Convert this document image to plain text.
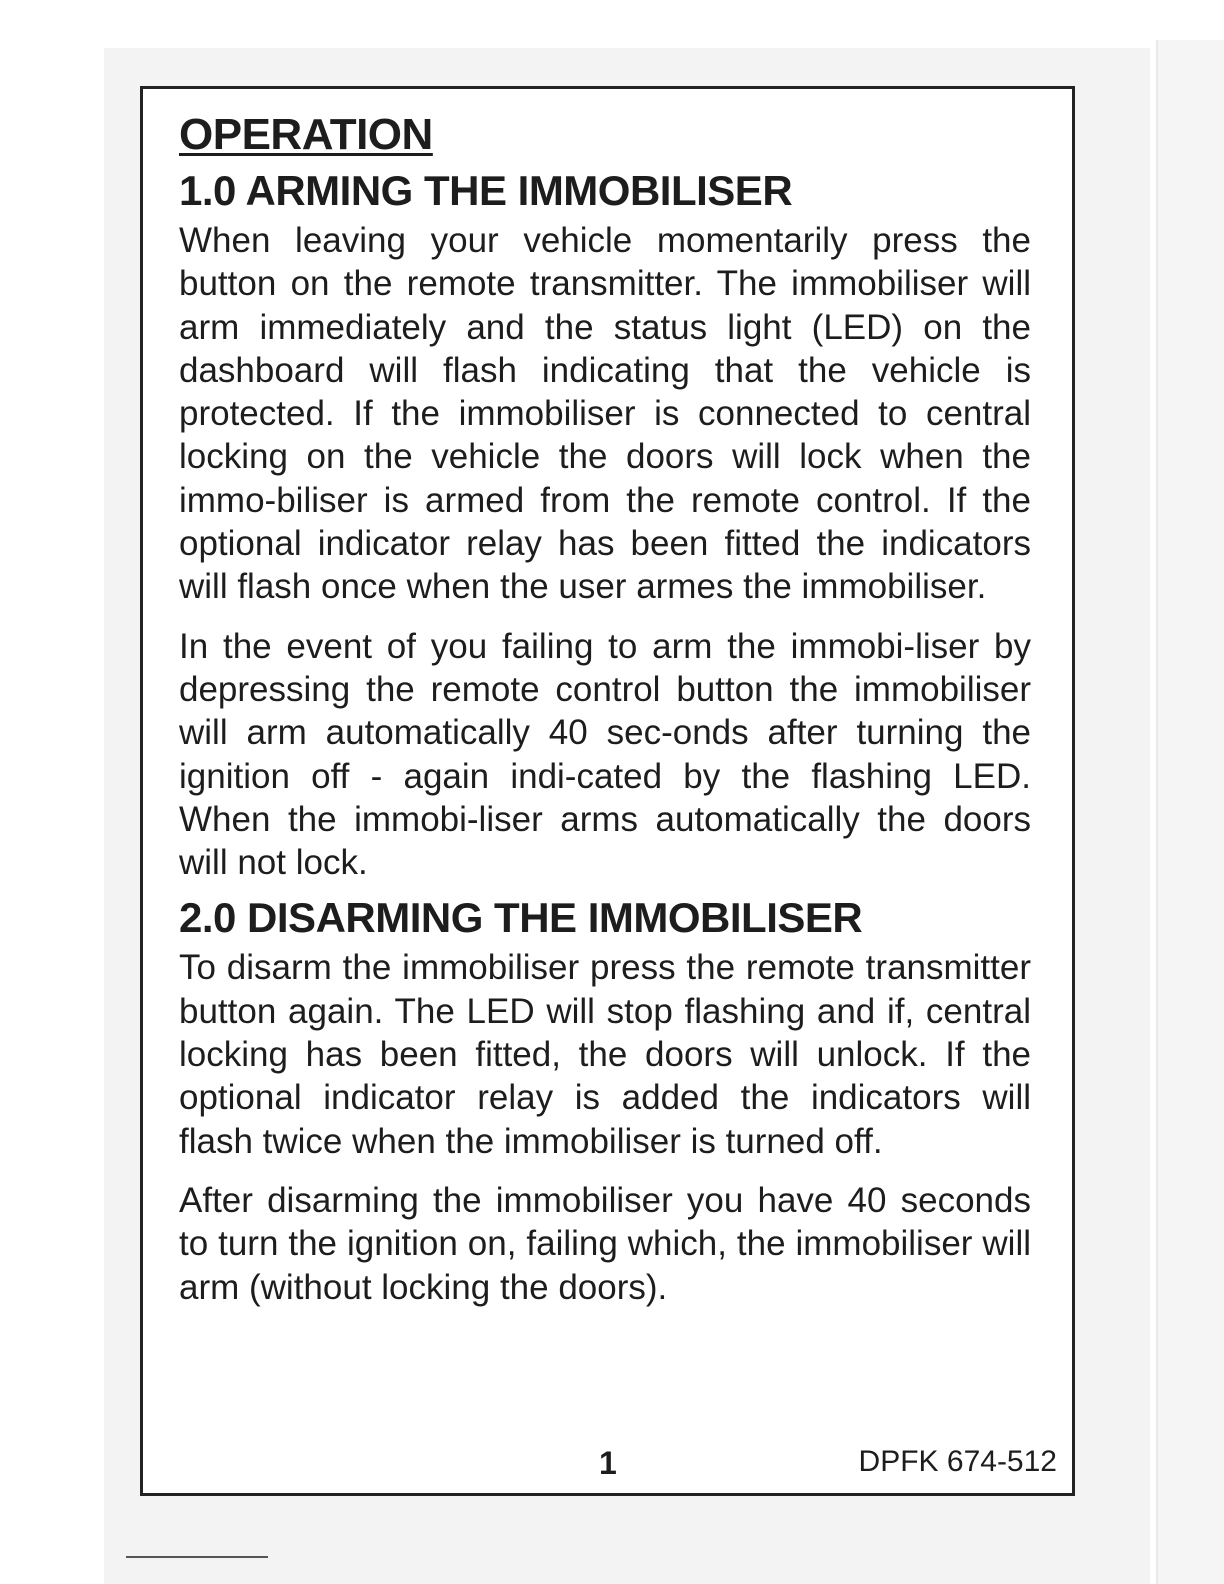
OPERATION
1.0 ARMING THE IMMOBILISER

When leaving your vehicle momentarily press the button on the remote transmitter. The immobiliser will arm immediately and the status light (LED) on the dashboard will flash indicating that the vehicle is protected. If the immobiliser is connected to central locking on the vehicle the doors will lock when the immo-biliser is armed from the remote control. If the optional indicator relay has been fitted the indicators will flash once when the user armes the immobiliser.

In the event of you failing to arm the immobi-liser by depressing the remote control button the immobiliser will arm automatically 40 sec-onds after turning the ignition off - again indi-cated by the flashing LED. When the immobi-liser arms automatically the doors will not lock.

2.0 DISARMING THE IMMOBILISER

To disarm the immobiliser press the remote transmitter button again. The LED will stop flashing and if, central locking has been fitted, the doors will unlock. If the optional indicator relay is added the indicators will flash twice when the immobiliser is turned off.

After disarming the immobiliser you have 40 seconds to turn the ignition on, failing which, the immobiliser will arm (without locking the doors).

1	DPFK 674-512
